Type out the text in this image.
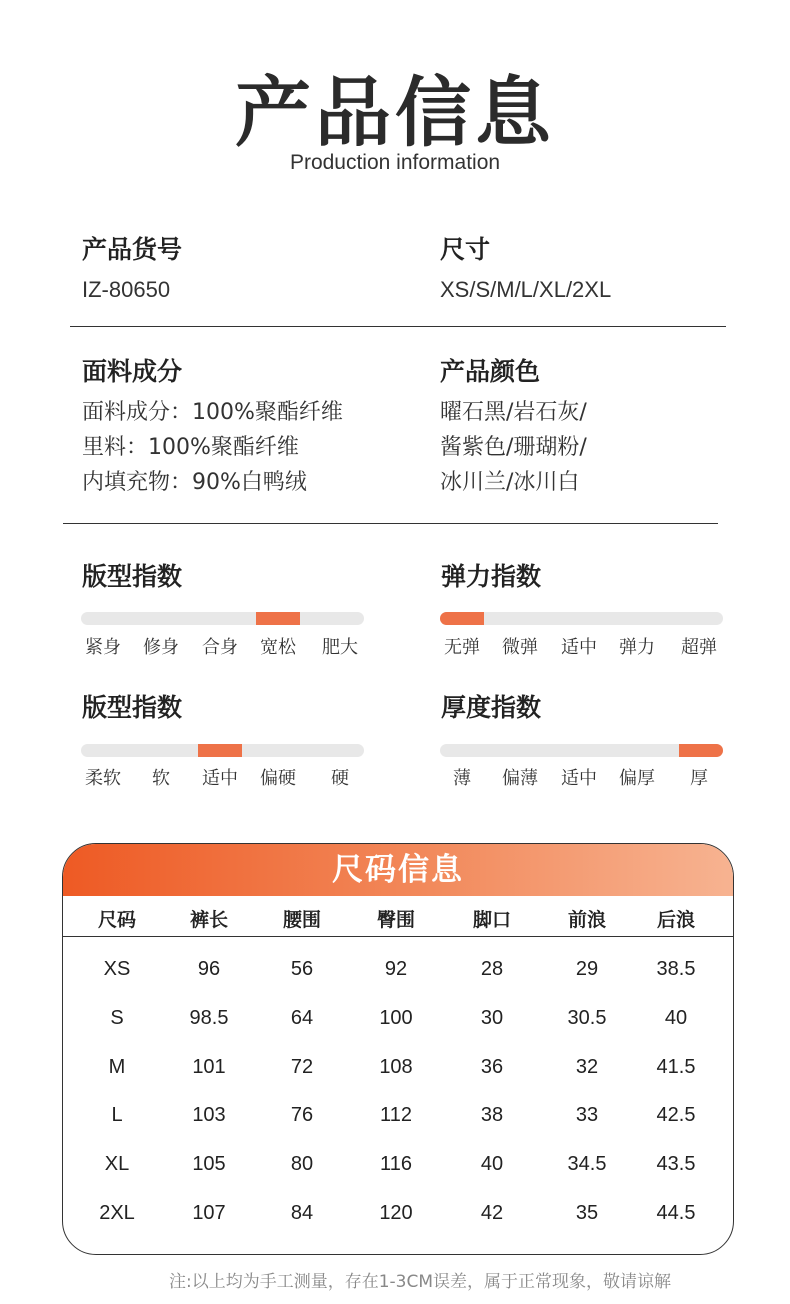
产品信息
Production information
产品货号
IZ-80650
尺寸
XS/S/M/L/XL/2XL
面料成分
面料成分：100%聚酯纤维
里料：100%聚酯纤维
内填充物：90%白鸭绒
产品颜色
曜石黑/岩石灰/
酱紫色/珊瑚粉/
冰川兰/冰川白
版型指数
紧身 修身 合身 宽松 肥大
弹力指数
无弹 微弹 适中 弹力 超弹
版型指数
柔软 软 适中 偏硬 硬
厚度指数
薄 偏薄 适中 偏厚 厚
尺码信息
尺码	裤长	腰围	臀围	脚口	前浪	后浪
XS	96	56	92	28	29	38.5
S	98.5	64	100	30	30.5	40
M	101	72	108	36	32	41.5
L	103	76	112	38	33	42.5
XL	105	80	116	40	34.5	43.5
2XL	107	84	120	42	35	44.5
注:以上均为手工测量，存在1-3CM误差，属于正常现象，敬请谅解
